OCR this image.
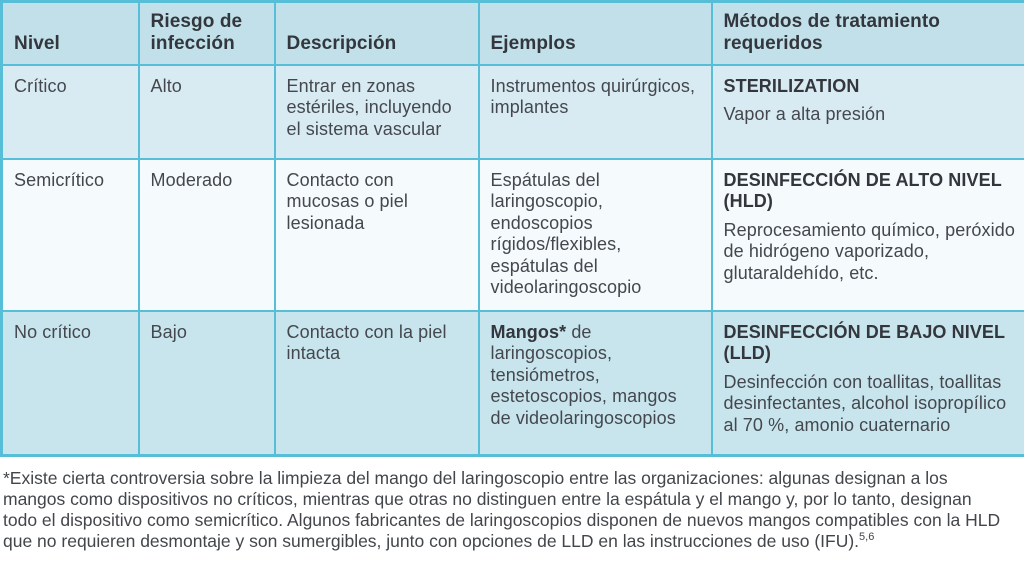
Nivel	Riesgo de infección	Descripción	Ejemplos	Métodos de tratamiento requeridos
Crítico	Alto	Entrar en zonas estériles, incluyendo el sistema vascular	Instrumentos quirúrgicos, implantes	STERILIZATION
Vapor a alta presión

Semicrítico	Moderado	Contacto con mucosas o piel lesionada	Espátulas del laringoscopio, endoscopios rígidos/flexibles, espátulas del videolaringoscopio	DESINFECCIÓN DE ALTO NIVEL (HLD)
Reprocesamiento químico, peróxido de hidrógeno vaporizado, glutaraldehído, etc.

No crítico	Bajo	Contacto con la piel intacta	Mangos* de laringoscopios, tensiómetros, estetoscopios, mangos de videolaringoscopios	DESINFECCIÓN DE BAJO NIVEL (LLD)
Desinfección con toallitas, toallitas desinfectantes, alcohol isopropílico al 70 %, amonio cuaternario

*Existe cierta controversia sobre la limpieza del mango del laringoscopio entre las organizaciones: algunas designan a los mangos como dispositivos no críticos, mientras que otras no distinguen entre la espátula y el mango y, por lo tanto, designan todo el dispositivo como semicrítico. Algunos fabricantes de laringoscopios disponen de nuevos mangos compatibles con la HLD que no requieren desmontaje y son sumergibles, junto con opciones de LLD en las instrucciones de uso (IFU).$^{5,6}$
